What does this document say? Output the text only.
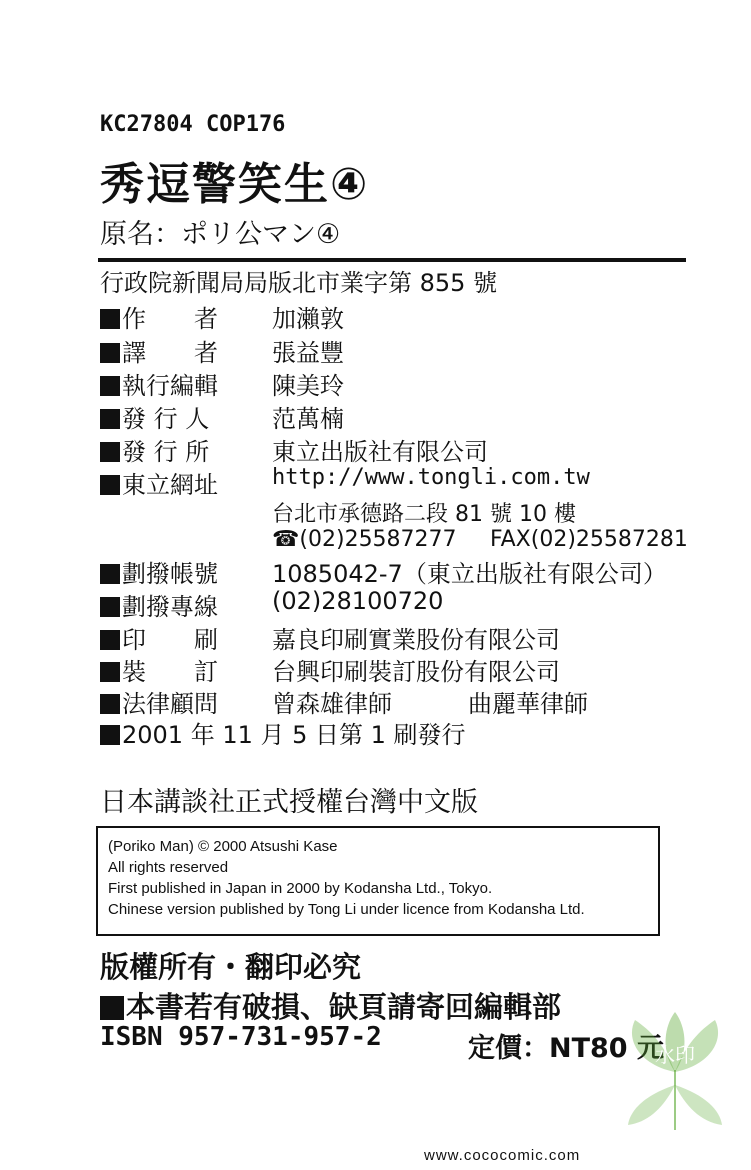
KC27804 COP176
秀逗警笑生④
原名：ポリ公マン④
行政院新聞局局版北市業字第 855 號
作　　者 加瀨敦
譯　　者 張益豐
執行編輯 陳美玲
發 行 人	范萬楠
發 行 所	東立出版社有限公司
東立網址 http://www.tongli.com.tw
台北市承德路二段 81 號 10 樓
☎(02)25587277 FAX(02)25587281
劃撥帳號 1085042-7（東立出版社有限公司）
劃撥專線 (02)28100720
印　　刷 嘉良印刷實業股份有限公司
裝　　訂 台興印刷裝訂股份有限公司
法律顧問 曾森雄律師	曲麗華律師
2001 年 11 月 5 日第 1 刷發行
日本講談社正式授權台灣中文版
(Poriko Man) © 2000 Atsushi Kase
All rights reserved
First published in Japan in 2000 by Kodansha Ltd., Tokyo.
Chinese version published by Tong Li under licence from Kodansha Ltd.
版權所有・翻印必究
本書若有破損、缺頁請寄回編輯部
ISBN 957-731-957-2	定價：NT80 元
水印
www.cococomic.com
